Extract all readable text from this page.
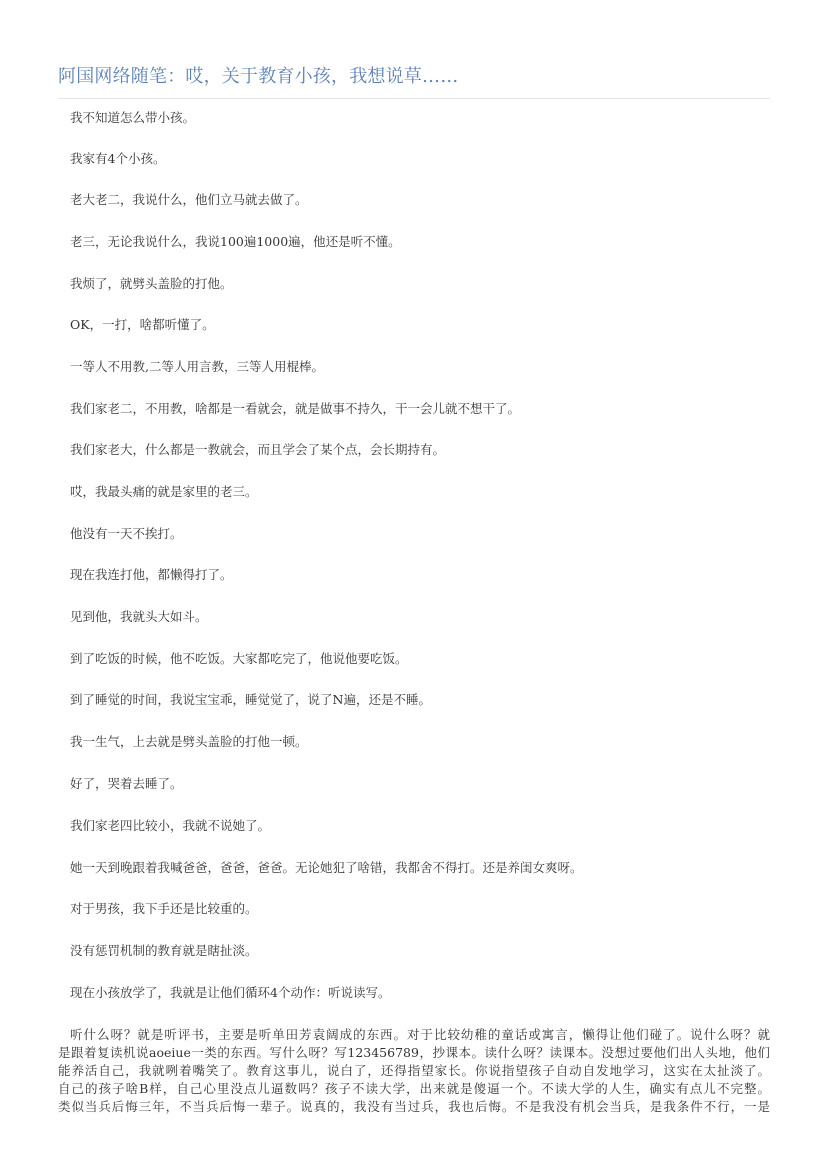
阿国网络随笔：哎，关于教育小孩，我想说草……
我不知道怎么带小孩。
我家有4个小孩。
老大老二，我说什么，他们立马就去做了。
老三，无论我说什么，我说100遍1000遍，他还是听不懂。
我烦了，就劈头盖脸的打他。
OK，一打，啥都听懂了。
一等人不用教,二等人用言教，三等人用棍棒。
我们家老二，不用教，啥都是一看就会，就是做事不持久，干一会儿就不想干了。
我们家老大，什么都是一教就会，而且学会了某个点，会长期持有。
哎，我最头痛的就是家里的老三。
他没有一天不挨打。
现在我连打他，都懒得打了。
见到他，我就头大如斗。
到了吃饭的时候，他不吃饭。大家都吃完了，他说他要吃饭。
到了睡觉的时间，我说宝宝乖，睡觉觉了，说了N遍，还是不睡。
我一生气，上去就是劈头盖脸的打他一顿。
好了，哭着去睡了。
我们家老四比较小，我就不说她了。
她一天到晚跟着我喊爸爸，爸爸，爸爸。无论她犯了啥错，我都舍不得打。还是养闺女爽呀。
对于男孩，我下手还是比较重的。
没有惩罚机制的教育就是瞎扯淡。
现在小孩放学了，我就是让他们循环4个动作：听说读写。
听什么呀？就是听评书，主要是听单田芳袁阔成的东西。对于比较幼稚的童话或寓言，懒得让他们碰了。说什么呀？就
是跟着复读机说aoeiue一类的东西。写什么呀？写123456789，抄课本。读什么呀？读课本。没想过要他们出人头地，他们
能养活自己，我就咧着嘴笑了。教育这事儿，说白了，还得指望家长。你说指望孩子自动自发地学习，这实在太扯淡了。
自己的孩子啥B样，自己心里没点儿逼数吗？孩子不读大学，出来就是傻逼一个。不读大学的人生，确实有点儿不完整。
类似当兵后悔三年，不当兵后悔一辈子。说真的，我没有当过兵，我也后悔。不是我没有机会当兵，是我条件不行，一是
